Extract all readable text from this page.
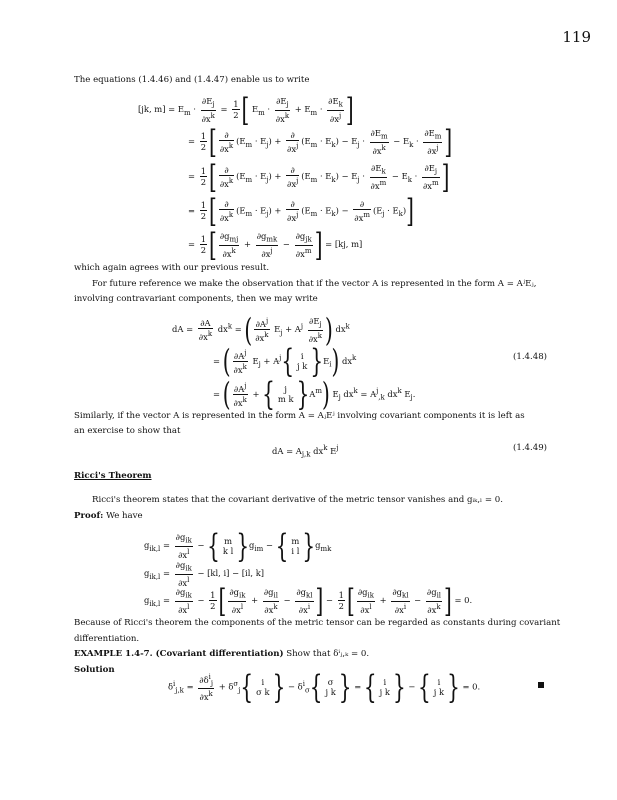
119
The equations (1.4.46) and (1.4.47) enable us to write
[jk, $m] = E_m \cdot \frac{\partial E_j}{\partial x^k} = \frac{1}{2}$ [ $E_m \cdot \frac{\partial E_j}{\partial x^k} + E_m \cdot \frac{\partial E_k}{\partial x^j}$ ]
= $\frac{1}{2}$ [ $\frac{\partial}{\partial x^k} (E_m \cdot E_j) + \frac{\partial}{\partial x^j} (E_m \cdot E_k) - E_j \cdot \frac{\partial E_m}{\partial x^k} - E_k \cdot \frac{\partial E_m}{\partial x^j}$ ]
= $\frac{1}{2}$ [ $\frac{\partial}{\partial x^k} (E_m \cdot E_j) + \frac{\partial}{\partial x^j} (E_m \cdot E_k) - E_j \cdot \frac{\partial E_k}{\partial x^m} - E_k \cdot \frac{\partial E_j}{\partial x^m}$ ]
= $\frac{1}{2}$ [ $\frac{\partial}{\partial x^k} (E_m \cdot E_j) + \frac{\partial}{\partial x^j} (E_m \cdot E_k) - \frac{\partial}{\partial x^m} (E_j \cdot E_k)$]
= $\frac{1}{2}$ [ $\frac{\partial g_{mj}}{\partial x^k} + \frac{\partial g_{mk}}{\partial x^j} - \frac{\partial g_{jk}}{\partial x^m}$ ] = [kj, m]
which again agrees with our previous result.
For future reference we make the observation that if the vector A is represented in the form A = AʲEⱼ,
involving contravariant components, then we may write
dA = $\frac{\partial A}{\partial x^k} dx^k$ = ( $\frac{\partial A^j}{\partial x^k} E_j + A^j \frac{\partial E_j}{\partial x^k}$ ) $dx^k$
= ( $\frac{\partial A^j}{\partial x^k} E_j + A^j${ i
j k }$E_i$) $dx^k$	(1.4.48)
= ( $\frac{\partial A^j}{\partial x^k}$ + {	j
m k }$A^m$) $E_j$ $dx^k = A^j_{,k}$ $dx^k$ $E_j$.
Similarly, if the vector A is represented in the form A = AⱼEʲ involving covariant components it is left as
an exercise to show that
dA = $A_{j,k}$ $dx^k$ $E^j$	(1.4.49)
Ricci's Theorem
Ricci's theorem states that the covariant derivative of the metric tensor vanishes and gᵢₖ,ₗ = 0.
Proof: We have
$g_{ik,l} = \frac{\partial g_{ik}}{\partial x^l}$ − { m
k l }$g_{im}$ − { m
i l }$g_{mk}$
$g_{ik,l} = \frac{\partial g_{ik}}{\partial x^l} - [kl$, i] − [il, k]
$g_{ik,l} = \frac{\partial g_{ik}}{\partial x^l} - \frac{1}{2}$ [ $\frac{\partial g_{ik}}{\partial x^l} + \frac{\partial g_{il}}{\partial x^k} - \frac{\partial g_{kl}}{\partial x^i}$ ] − $\frac{1}{2}$ [ $\frac{\partial g_{ik}}{\partial x^l} + \frac{\partial g_{kl}}{\partial x^i} - \frac{\partial g_{il}}{\partial x^k}$ ] = 0.
Because of Ricci's theorem the components of the metric tensor can be regarded as constants during covariant
differentiation.
EXAMPLE 1.4-7. (Covariant differentiation) Show that δⁱⱼ,ₖ = 0.
Solution
$\delta^i_{j,k} = \frac{\partial\delta^i_j}{\partial x^k} + \delta^\sigma_j${ i
σ k } − $\delta^i_\sigma${ σ
j k } = { i
j k } − { i
j k } = 0.
